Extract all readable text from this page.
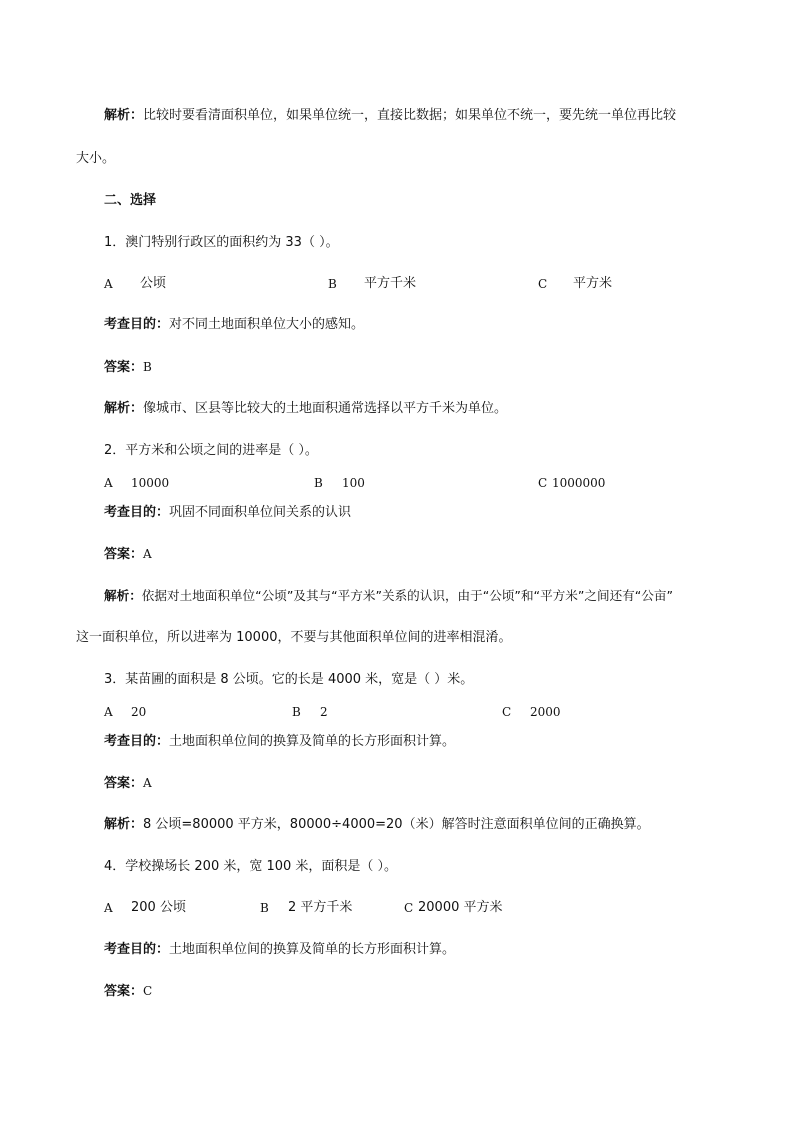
解析：比较时要看清面积单位，如果单位统一，直接比数据；如果单位不统一，要先统一单位再比较
大小。
二、选择
1．澳门特别行政区的面积约为 33（ ）。
A 公顷	B 平方千米	C 平方米
考查目的：对不同土地面积单位大小的感知。
答案：B
解析：像城市、区县等比较大的土地面积通常选择以平方千米为单位。
2．平方米和公顷之间的进率是（ ）。
A 10000	B 100	C 1000000
考查目的：巩固不同面积单位间关系的认识
答案：A
解析：依据对土地面积单位“公顷”及其与“平方米”关系的认识，由于“公顷”和“平方米”之间还有“公亩”
这一面积单位，所以进率为 10000，不要与其他面积单位间的进率相混淆。
3．某苗圃的面积是 8 公顷。它的长是 4000 米，宽是（ ）米。
A 20	B 2	C 2000
考查目的：土地面积单位间的换算及简单的长方形面积计算。
答案：A
解析：8 公顷=80000 平方米，80000÷4000=20（米）解答时注意面积单位间的正确换算。
4．学校操场长 200 米，宽 100 米，面积是（ ）。
A 200 公顷	B 2 平方千米	C 20000 平方米
考查目的：土地面积单位间的换算及简单的长方形面积计算。
答案：C
